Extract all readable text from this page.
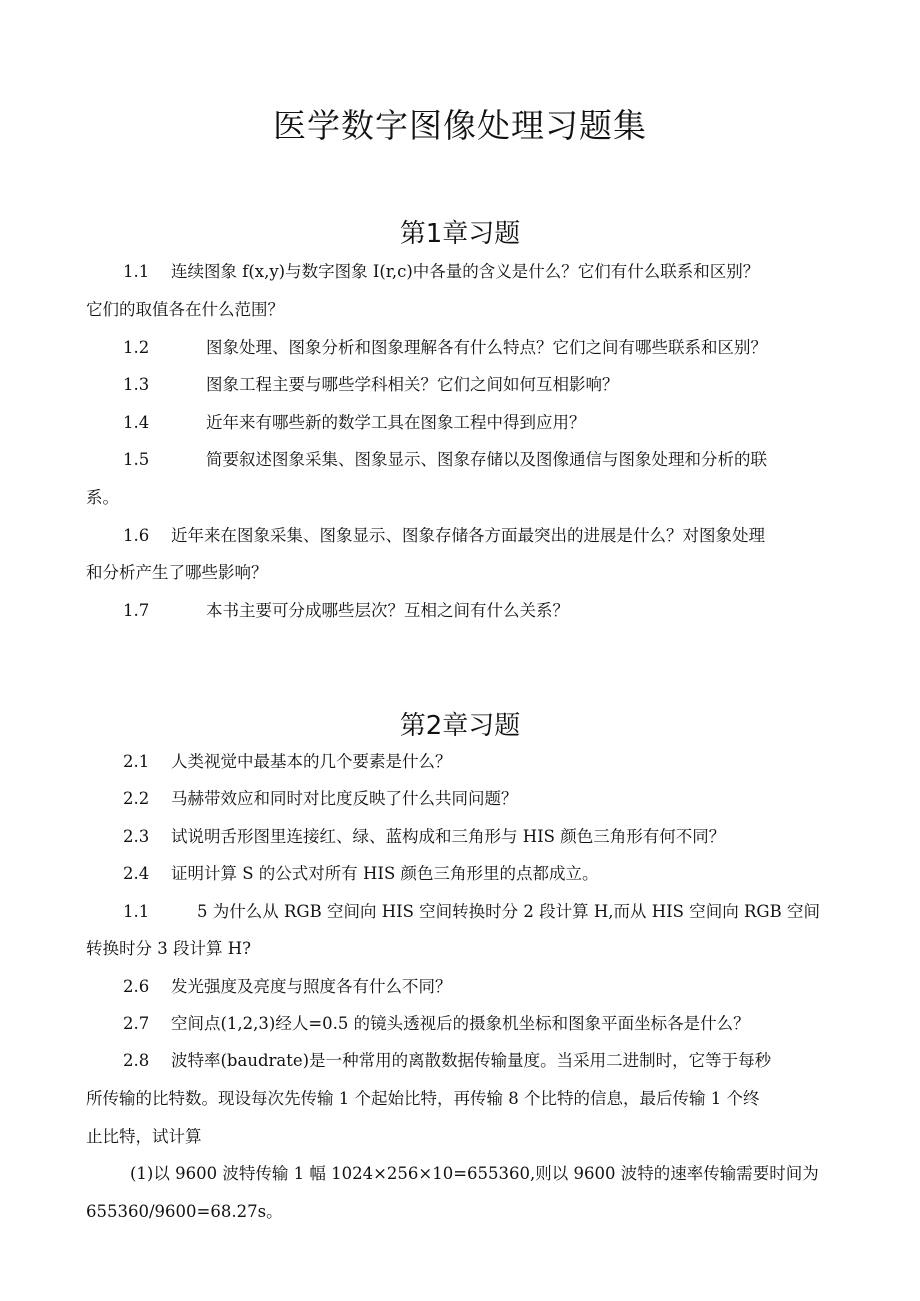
医学数字图像处理习题集
第1章习题
1.1 连续图象 f(x,y)与数字图象 I(r,c)中各量的含义是什么？它们有什么联系和区别？
它们的取值各在什么范围？
1.2	图象处理、图象分析和图象理解各有什么特点？它们之间有哪些联系和区别？
1.3	图象工程主要与哪些学科相关？它们之间如何互相影响？
1.4	近年来有哪些新的数学工具在图象工程中得到应用？
1.5	简要叙述图象采集、图象显示、图象存储以及图像通信与图象处理和分析的联
系。
1.6 近年来在图象采集、图象显示、图象存储各方面最突出的进展是什么？对图象处理
和分析产生了哪些影响？
1.7	本书主要可分成哪些层次？互相之间有什么关系？
第2章习题
2.1 人类视觉中最基本的几个要素是什么？
2.2 马赫带效应和同时对比度反映了什么共同问题？
2.3 试说明舌形图里连接红、绿、蓝构成和三角形与 HIS 颜色三角形有何不同？
2.4 证明计算 S 的公式对所有 HIS 颜色三角形里的点都成立。
1.1	5 为什么从 RGB 空间向 HIS 空间转换时分 2 段计算 H,而从 HIS 空间向 RGB 空间
转换时分 3 段计算 H?
2.6 发光强度及亮度与照度各有什么不同？
2.7 空间点(1,2,3)经人=0.5 的镜头透视后的摄象机坐标和图象平面坐标各是什么？
2.8 波特率(baudrate)是一种常用的离散数据传输量度。当采用二进制时，它等于每秒
所传输的比特数。现设每次先传输 1 个起始比特，再传输 8 个比特的信息，最后传输 1 个终
止比特，试计算
(1)以 9600 波特传输 1 幅 1024×256×10=655360,则以 9600 波特的速率传输需要时间为
655360/9600=68.27s。
